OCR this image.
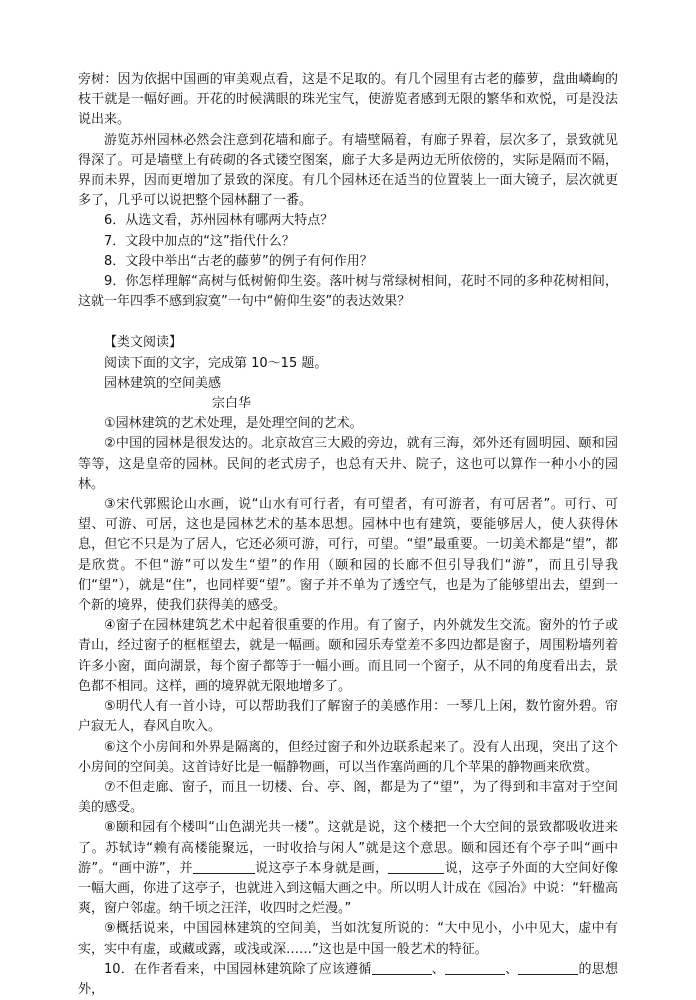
旁树：因为依据中国画的审美观点看，这是不足取的。有几个园里有古老的藤萝，盘曲嶙峋的枝干就是一幅好画。开花的时候满眼的珠光宝气，使游览者感到无限的繁华和欢悦，可是没法说出来。

游览苏州园林必然会注意到花墙和廊子。有墙壁隔着，有廊子界着，层次多了，景致就见得深了。可是墙壁上有砖砌的各式镂空图案，廊子大多是两边无所依傍的，实际是隔而不隔，界而未界，因而更增加了景致的深度。有几个园林还在适当的位置装上一面大镜子，层次就更多了，几乎可以说把整个园林翻了一番。

6．从选文看，苏州园林有哪两大特点？

7．文段中加点的“这”指代什么？

8．文段中举出“古老的藤萝”的例子有何作用？

9．你怎样理解“高树与低树俯仰生姿。落叶树与常绿树相间，花时不同的多种花树相间，这就一年四季不感到寂寞”一句中“俯仰生姿”的表达效果？

【类文阅读】

阅读下面的文字，完成第 10～15 题。

园林建筑的空间美感

宗白华

①园林建筑的艺术处理，是处理空间的艺术。

②中国的园林是很发达的。北京故宫三大殿的旁边，就有三海，郊外还有圆明园、颐和园等等，这是皇帝的园林。民间的老式房子，也总有天井、院子，这也可以算作一种小小的园林。

③宋代郭熙论山水画，说“山水有可行者，有可望者，有可游者，有可居者”。可行、可望、可游、可居，这也是园林艺术的基本思想。园林中也有建筑，要能够居人，使人获得休息，但它不只是为了居人，它还必须可游，可行，可望。“望”最重要。一切美术都是“望”，都是欣赏。不但“游”可以发生“望”的作用（颐和园的长廊不但引导我们“游”，而且引导我们“望”），就是“住”，也同样要“望”。窗子并不单为了透空气，也是为了能够望出去，望到一个新的境界，使我们获得美的感受。

④窗子在园林建筑艺术中起着很重要的作用。有了窗子，内外就发生交流。窗外的竹子或青山，经过窗子的框框望去，就是一幅画。颐和园乐寿堂差不多四边都是窗子，周围粉墙列着许多小窗，面向湖景，每个窗子都等于一幅小画。而且同一个窗子，从不同的角度看出去，景色都不相同。这样，画的境界就无限地增多了。

⑤明代人有一首小诗，可以帮助我们了解窗子的美感作用：一琴几上闲，数竹窗外碧。帘户寂无人，春风自吹入。

⑥这个小房间和外界是隔离的，但经过窗子和外边联系起来了。没有人出现，突出了这个小房间的空间美。这首诗好比是一幅静物画，可以当作塞尚画的几个苹果的静物画来欣赏。

⑦不但走廊、窗子，而且一切楼、台、亭、阁，都是为了“望”，为了得到和丰富对于空间美的感受。

⑧颐和园有个楼叫“山色湖光共一楼”。这就是说，这个楼把一个大空间的景致都吸收进来了。苏轼诗“赖有高楼能聚远，一时收拾与闲人”就是这个意思。颐和园还有个亭子叫“画中游”。“画中游”，并	说这亭子本身就是画，	说，这亭子外面的大空间好像一幅大画，你进了这亭子，也就进入到这幅大画之中。所以明人计成在《园冶》中说：“轩楹高爽，窗户邻虚。纳千顷之汪洋，收四时之烂漫。”

⑨概括说来，中国园林建筑的空间美，当如沈复所说的：“大中见小，小中见大，虚中有实，实中有虚，或藏或露，或浅或深……”这也是中国一般艺术的特征。

10．在作者看来，中国园林建筑除了应该遵循	、	、	的思想外，
